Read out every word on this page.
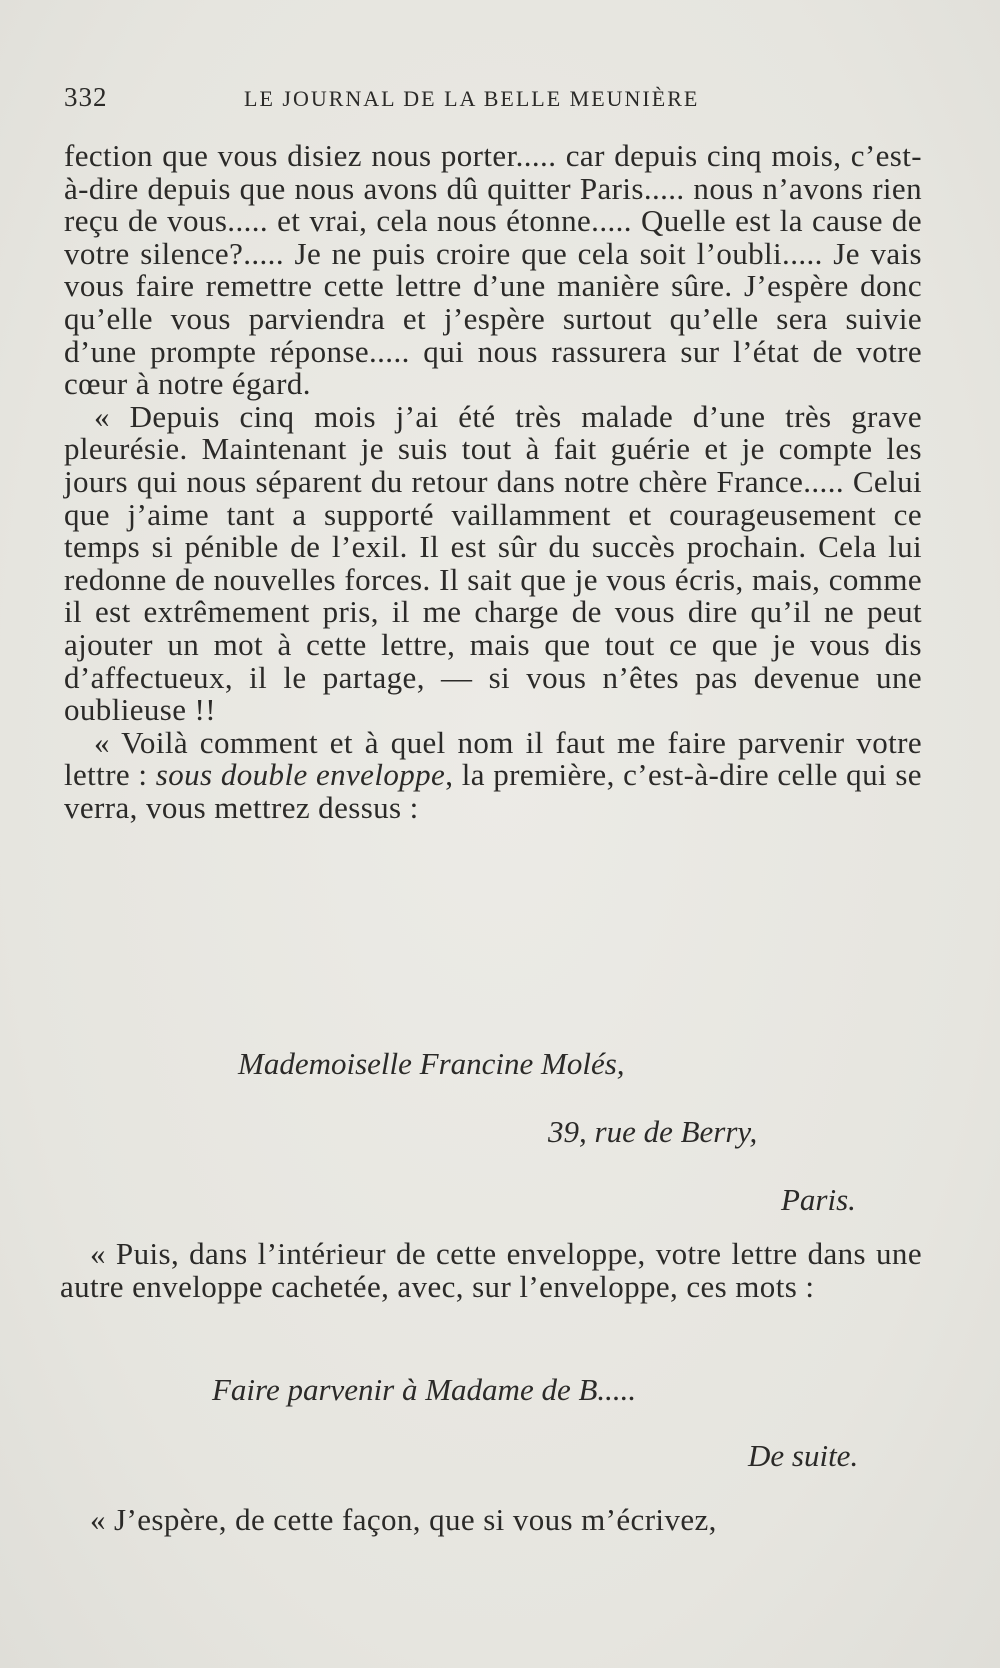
332	LE JOURNAL DE LA BELLE MEUNIÈRE

fection que vous disiez nous porter..... car depuis cinq mois, c’est-à-dire depuis que nous avons dû quitter Paris..... nous n’avons rien reçu de vous..... et vrai, cela nous étonne..... Quelle est la cause de votre silence?..... Je ne puis croire que cela soit l’oubli..... Je vais vous faire remettre cette lettre d’une manière sûre. J’espère donc qu’elle vous parviendra et j’espère surtout qu’elle sera suivie d’une prompte réponse..... qui nous rassurera sur l’état de votre cœur à notre égard.

« Depuis cinq mois j’ai été très malade d’une très grave pleurésie. Maintenant je suis tout à fait guérie et je compte les jours qui nous séparent du retour dans notre chère France..... Celui que j’aime tant a supporté vaillamment et courageusement ce temps si pénible de l’exil. Il est sûr du succès prochain. Cela lui redonne de nouvelles forces. Il sait que je vous écris, mais, comme il est extrêmement pris, il me charge de vous dire qu’il ne peut ajouter un mot à cette lettre, mais que tout ce que je vous dis d’affectueux, il le partage, — si vous n’êtes pas devenue une oublieuse !!

« Voilà comment et à quel nom il faut me faire parvenir votre lettre : sous double enveloppe, la première, c’est-à-dire celle qui se verra, vous mettrez dessus :

Mademoiselle Francine Molés,
39, rue de Berry,
Paris.

« Puis, dans l’intérieur de cette enveloppe, votre lettre dans une autre enveloppe cachetée, avec, sur l’enveloppe, ces mots :

Faire parvenir à Madame de B.....
De suite.

« J’espère, de cette façon, que si vous m’écrivez,
